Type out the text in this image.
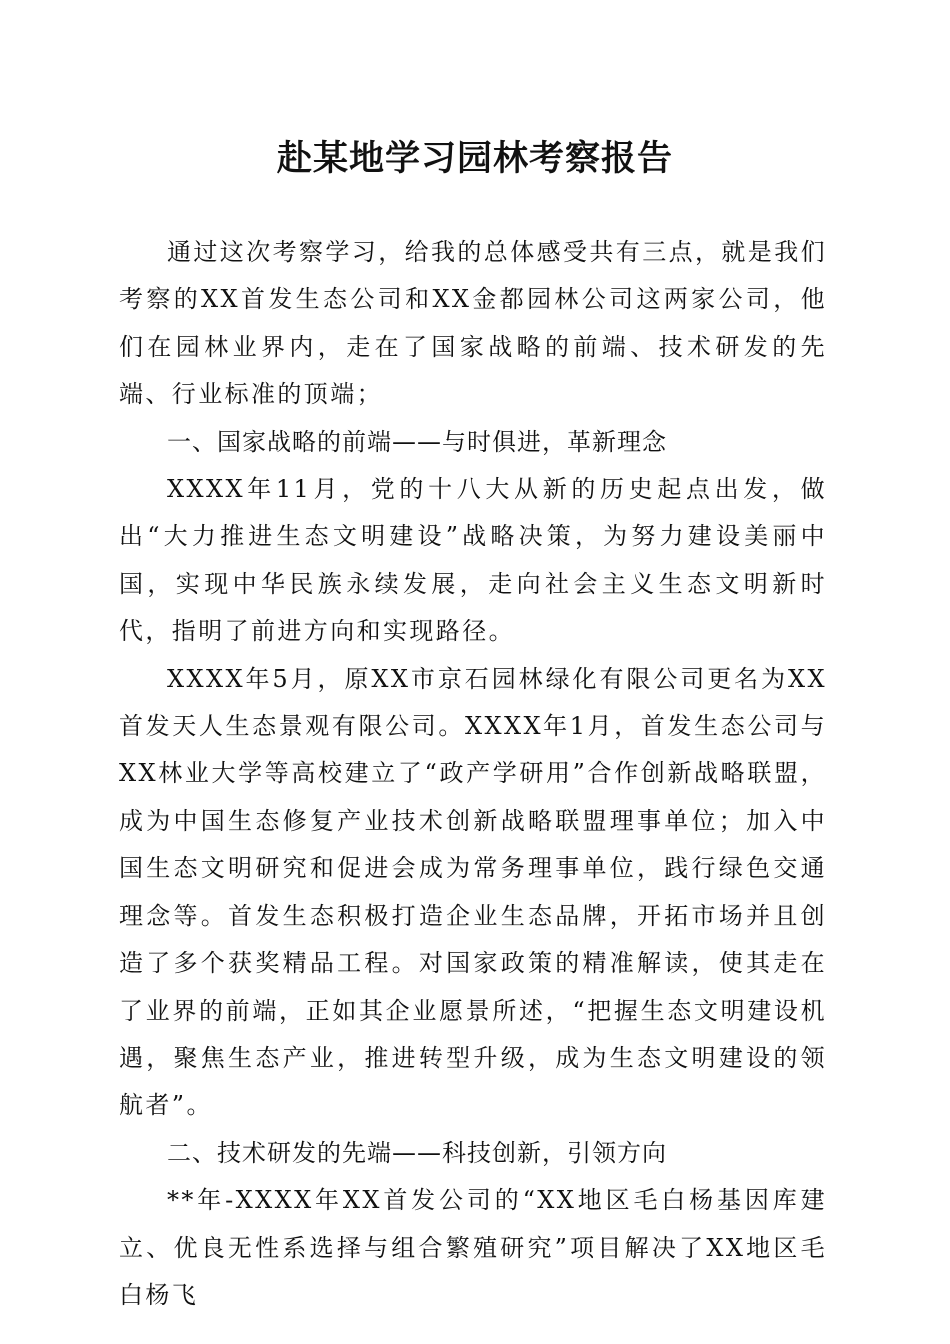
赴某地学习园林考察报告

通过这次考察学习，给我的总体感受共有三点，就是我们考察的XX首发生态公司和XX金都园林公司这两家公司，他们在园林业界内，走在了国家战略的前端、技术研发的先端、行业标准的顶端；

一、国家战略的前端——与时俱进，革新理念

XXXX年11月，党的十八大从新的历史起点出发，做出“大力推进生态文明建设”战略决策，为努力建设美丽中国，实现中华民族永续发展，走向社会主义生态文明新时代，指明了前进方向和实现路径。

XXXX年5月，原XX市京石园林绿化有限公司更名为XX首发天人生态景观有限公司。XXXX年1月，首发生态公司与XX林业大学等高校建立了“政产学研用”合作创新战略联盟，成为中国生态修复产业技术创新战略联盟理事单位；加入中国生态文明研究和促进会成为常务理事单位，践行绿色交通理念等。首发生态积极打造企业生态品牌，开拓市场并且创造了多个获奖精品工程。对国家政策的精准解读，使其走在了业界的前端，正如其企业愿景所述，“把握生态文明建设机遇，聚焦生态产业，推进转型升级，成为生态文明建设的领航者”。

二、技术研发的先端——科技创新，引领方向

**年-XXXX年XX首发公司的“XX地区毛白杨基因库建立、优良无性系选择与组合繁殖研究”项目解决了XX地区毛白杨飞
